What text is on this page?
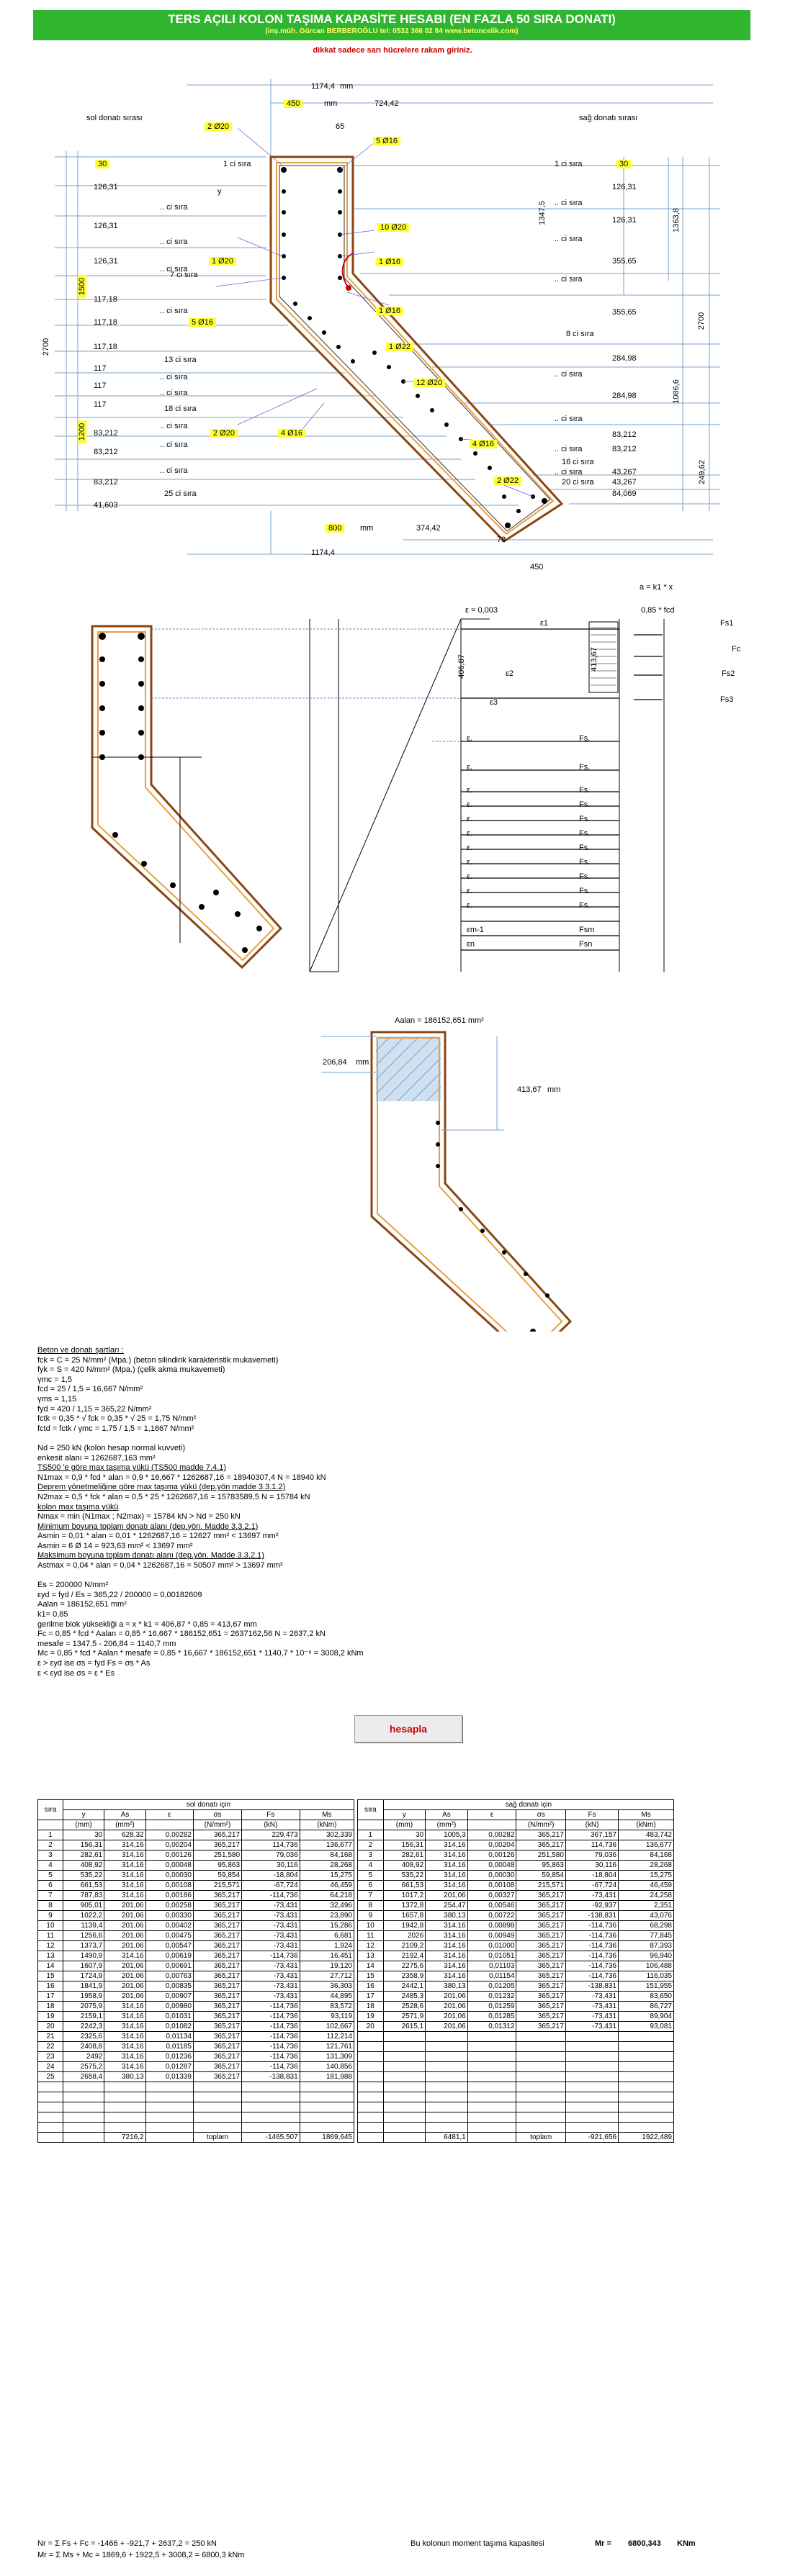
TERS AÇILI KOLON TAŞIMA KAPASİTE HESABI (EN FAZLA 50 SIRA DONATI)
(inş.müh. Gürcan BERBEROĞLU tel: 0532 366 02 84 www.betoncelik.com)
dikkat sadece sarı hücrelere rakam giriniz.
1174,4 mm
450	mm	724,42
65
sol donatı sırası	sağ donatı sırası
y
2 Ø20
5 Ø16
10 Ø20
1 Ø20	1 Ø16
5 Ø16
1 Ø16
1 Ø22
12 Ø20
2 Ø20	4 Ø16
4 Ø16
2 Ø22
30
126,31
126,31
126,31
117,18
117,18
117,18
117
117
117
83,212
83,212
83,212
41,603
.. ci sıra
.. ci sıra
.. ci sıra
7 ci sıra
.. ci sıra
13 ci sıra
.. ci sıra
.. ci sıra
18 ci sıra
.. ci sıra
.. ci sıra
.. ci sıra
25 ci sıra
1 ci sıra	30
126,31
.. ci sıra
126,31
.. ci sıra
355,65
.. ci sıra
355,65
8 ci sıra
284,98
.. ci sıra
284,98
.. ci sıra
83,212
.. ci sıra	83,212
16 ci sıra
.. ci sıra	43,267
20 ci sıra 43,267
84,069
1 ci sıra
1347,5	1363,8
1500
2700
2700
1200
1086,6
249,62
800	mm	374,42
78
1174,4
450
a = k1 * x
0,85 * fcd
ε = 0,003
ε1
ε2
ε3
Fs1
Fc
Fs2
Fs3
406,87	413,67
Fs.
Fs.
Fs.
Fs.
Fs.
Fs.
Fs.
Fs.
Fs.
Fs.
Fs.
Fsm
Fsn
ε.
ε.
ε.
ε.
ε.
ε.
ε.
ε.
ε.
ε.
ε.
εm-1
εn
Aalan = 186152,651 mm²
206,84 mm
413,67 mm
Beton ve donatı şartları :
fck = C = 25 N/mm² (Mpa.) (beton silindirik karakteristik mukavemeti)
fyk = S = 420 N/mm² (Mpa.) (çelik akma mukavemeti)
γmc = 1,5
fcd = 25 / 1,5 = 16,667 N/mm²
γms = 1,15
fyd = 420 / 1,15 = 365,22 N/mm²
fctk = 0,35 * √ fck = 0,35 * √ 25 = 1,75 N/mm²
fctd = fctk / γmc = 1,75 / 1,5 = 1,1667 N/mm²
Nd = 250 kN (kolon hesap normal kuvveti)
enkesit alanı = 1262687,163 mm²
TS500 'e göre max taşıma yükü (TS500 madde 7.4.1)
N1max = 0,9 * fcd * alan = 0,9 * 16,667 * 1262687,16 = 18940307,4 N = 18940 kN
Deprem yönetmeliğine göre max taşıma yükü (dep.yön madde 3.3.1.2)
N2max = 0,5 * fck * alan = 0,5 * 25 * 1262687,16 = 15783589,5 N = 15784 kN
kolon max taşıma yükü
Nmax = min (N1max ; N2max) = 15784 kN > Nd = 250 kN
Minimum boyuna toplam donatı alanı (dep.yön. Madde 3.3.2.1)
Asmin = 0,01 * alan = 0,01 * 1262687,16 = 12627 mm² < 13697 mm²
Asmin = 6 Ø 14 = 923,63 mm² < 13697 mm²
Maksimum boyuna toplam donatı alanı (dep.yön. Madde 3.3.2.1)
Astmax = 0,04 * alan = 0,04 * 1262687,16 = 50507 mm² > 13697 mm²
Es = 200000 N/mm²
εyd = fyd / Es = 365,22 / 200000 = 0,00182609
Aalan = 186152,651 mm²
k1= 0,85
gerilme blok yüksekliği a = x * k1 = 406,87 * 0,85 = 413,67 mm
Fc = 0,85 * fcd * Aalan = 0,85 * 16,667 * 186152,651 = 2637162,56 N = 2637,2 kN
mesafe = 1347,5 - 206,84 = 1140,7 mm
Mc = 0,85 * fcd * Aalan * mesafe = 0,85 * 16,667 * 186152,651 * 1140,7 * 10⁻⁶ = 3008,2 kNm
ε > εyd ise σs = fyd Fs = σs * As
ε < εyd ise σs = ε * Es
hesapla
sıra	sol donatı için					
	y	As	ε	σs	Fs	Ms
	(mm)	(mm²)		(N/mm²)	(kN)	(kNm)
1	30	628,32	0,00282	365,217	229,473	302,339
2	156,31	314,16	0,00204	365,217	114,736	136,677
3	282,61	314,16	0,00126	251,580	79,036	84,168
4	408,92	314,16	0,00048	95,863	30,116	28,268
5	535,22	314,16	0,00030	59,854	-18,804	15,275
6	661,53	314,16	0,00108	215,571	-67,724	46,459
7	787,83	314,16	0,00186	365,217	-114,736	64,218
8	905,01	201,06	0,00258	365,217	-73,431	32,496
9	1022,2	201,06	0,00330	365,217	-73,431	23,890
10	1139,4	201,06	0,00402	365,217	-73,431	15,286
11	1256,6	201,06	0,00475	365,217	-73,431	6,681
12	1373,7	201,06	0,00547	365,217	-73,431	1,924
13	1490,9	314,16	0,00619	365,217	-114,736	16,451
14	1607,9	201,06	0,00691	365,217	-73,431	19,120
15	1724,9	201,06	0,00763	365,217	-73,431	27,712
16	1841,9	201,06	0,00835	365,217	-73,431	36,303
17	1958,9	201,06	0,00907	365,217	-73,431	44,895
18	2075,9	314,16	0,00980	365,217	-114,736	83,572
19	2159,1	314,16	0,01031	365,217	-114,736	93,119
20	2242,3	314,16	0,01082	365,217	-114,736	102,667
21	2325,6	314,16	0,01134	365,217	-114,736	112,214
22	2408,8	314,16	0,01185	365,217	-114,736	121,761
23	2492	314,16	0,01236	365,217	-114,736	131,309
24	2575,2	314,16	0,01287	365,217	-114,736	140,856
25	2658,4	380,13	0,01339	365,217	-138,831	181,988

		7216,2		toplam	-1465,507	1869,645
sıra	sağ donatı için					
	y	As	ε	σs	Fs	Ms
	(mm)	(mm²)		(N/mm²)	(kN)	(kNm)
1	30	1005,3	0,00282	365,217	367,157	483,742
2	156,31	314,16	0,00204	365,217	114,736	136,677
3	282,61	314,16	0,00126	251,580	79,036	84,168
4	408,92	314,16	0,00048	95,863	30,116	28,268
5	535,22	314,16	0,00030	59,854	-18,804	15,275
6	661,53	314,16	0,00108	215,571	-67,724	46,459
7	1017,2	201,06	0,00327	365,217	-73,431	24,258
8	1372,8	254,47	0,00546	365,217	-92,937	2,351
9	1657,8	380,13	0,00722	365,217	-138,831	43,076
10	1942,8	314,16	0,00898	365,217	-114,736	68,298
11	2026	314,16	0,00949	365,217	-114,736	77,845
12	2109,2	314,16	0,01000	365,217	-114,736	87,393
13	2192,4	314,16	0,01051	365,217	-114,736	96,940
14	2275,6	314,16	0,01103	365,217	-114,736	106,488
15	2358,9	314,16	0,01154	365,217	-114,736	116,035
16	2442,1	380,13	0,01205	365,217	-138,831	151,955
17	2485,3	201,06	0,01232	365,217	-73,431	83,650
18	2528,6	201,06	0,01259	365,217	-73,431	86,727
19	2571,9	201,06	0,01285	365,217	-73,431	89,904
20	2615,1	201,06	0,01312	365,217	-73,431	93,081

		6481,1		toplam	-921,656	1922,489
Nr = Σ Fs + Fc = -1466 + -921,7 + 2637,2 = 250 kN
Mr = Σ Ms + Mc = 1869,6 + 1922,5 + 3008,2 = 6800,3 kNm
Bu kolonun moment taşıma kapasitesi	Mr = 6800,343 KNm
